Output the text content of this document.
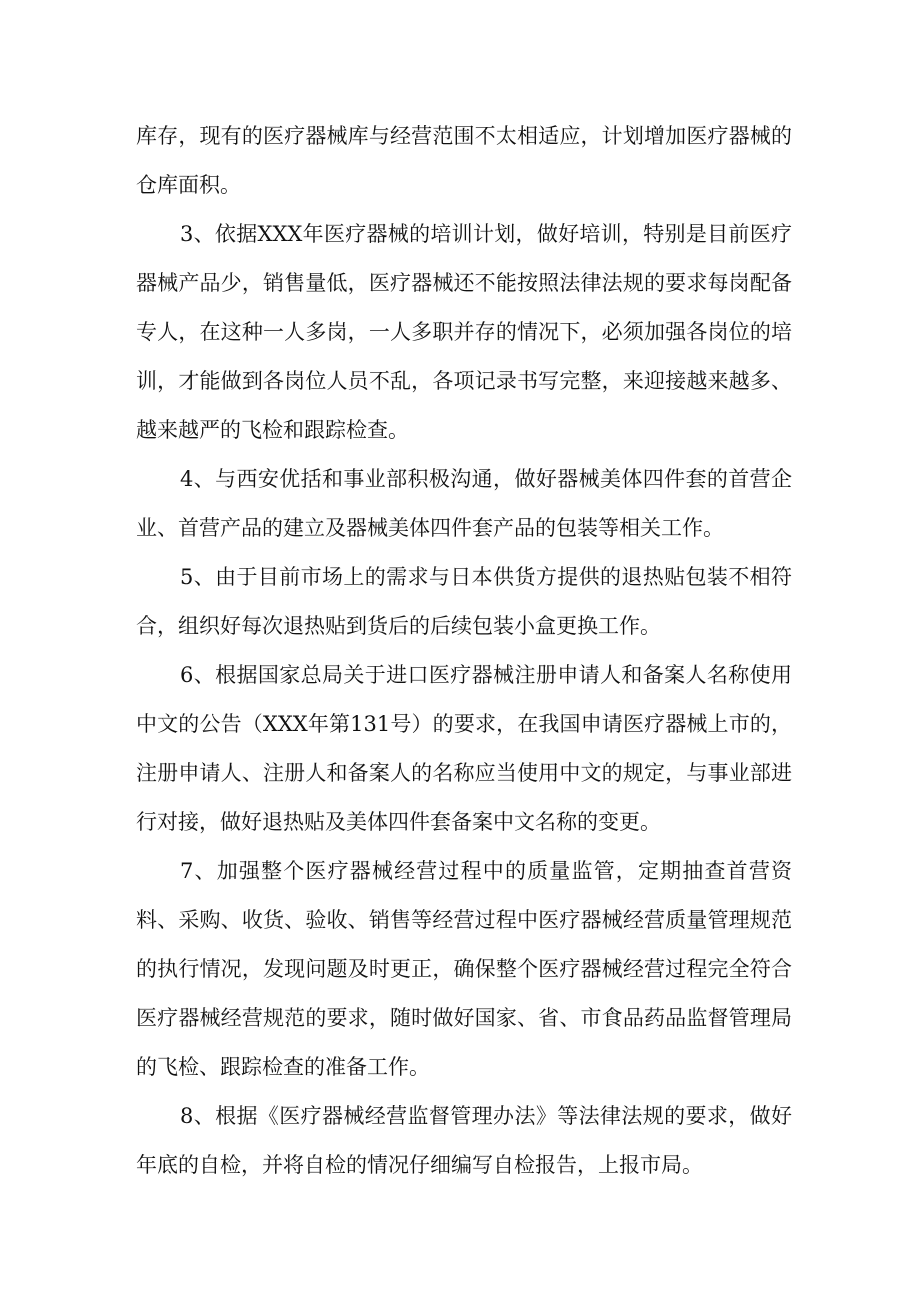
库存，现有的医疗器械库与经营范围不太相适应，计划增加医疗器械的仓库面积。

3、依据XXX年医疗器械的培训计划，做好培训，特别是目前医疗器械产品少，销售量低，医疗器械还不能按照法律法规的要求每岗配备专人，在这种一人多岗，一人多职并存的情况下，必须加强各岗位的培训，才能做到各岗位人员不乱，各项记录书写完整，来迎接越来越多、越来越严的飞检和跟踪检查。

4、与西安优括和事业部积极沟通，做好器械美体四件套的首营企业、首营产品的建立及器械美体四件套产品的包装等相关工作。

5、由于目前市场上的需求与日本供货方提供的退热贴包装不相符合，组织好每次退热贴到货后的后续包装小盒更换工作。

6、根据国家总局关于进口医疗器械注册申请人和备案人名称使用中文的公告（XXX年第131号）的要求，在我国申请医疗器械上市的，注册申请人、注册人和备案人的名称应当使用中文的规定，与事业部进行对接，做好退热贴及美体四件套备案中文名称的变更。

7、加强整个医疗器械经营过程中的质量监管，定期抽查首营资料、采购、收货、验收、销售等经营过程中医疗器械经营质量管理规范的执行情况，发现问题及时更正，确保整个医疗器械经营过程完全符合医疗器械经营规范的要求，随时做好国家、省、市食品药品监督管理局的飞检、跟踪检查的准备工作。

8、根据《医疗器械经营监督管理办法》等法律法规的要求，做好年底的自检，并将自检的情况仔细编写自检报告，上报市局。
